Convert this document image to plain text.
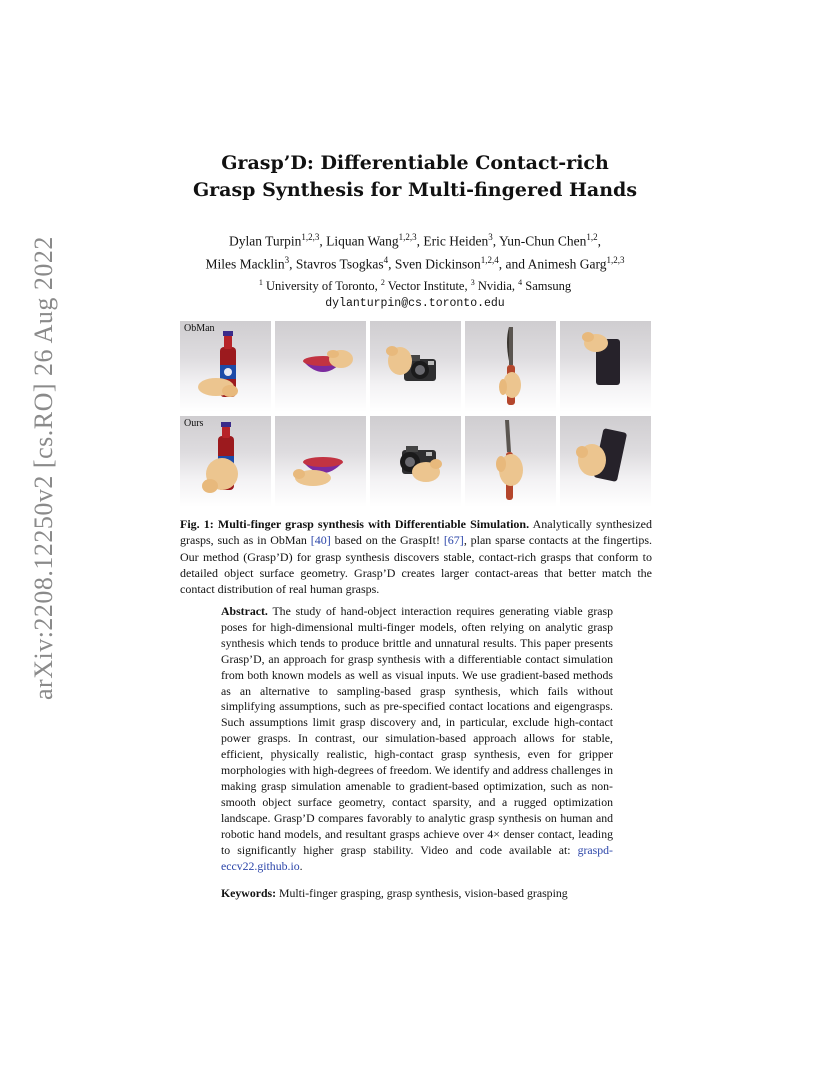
arXiv:2208.12250v2 [cs.RO] 26 Aug 2022
Grasp’D: Differentiable Contact-rich
Grasp Synthesis for Multi-fingered Hands
Dylan Turpin$^{1,2,3}$, Liquan Wang$^{1,2,3}$, Eric Heiden$^3$, Yun-Chun Chen$^{1,2}$,
Miles Macklin$^3$, Stavros Tsogkas$^4$, Sven Dickinson$^{1,2,4}$, and Animesh Garg$^{1,2,3}$
$^1$ University of Toronto, $^2$ Vector Institute, $^3$ Nvidia, $^4$ Samsung
dylanturpin@cs.toronto.edu
ObMan
Ours
Fig. 1: Multi-finger grasp synthesis with Differentiable Simulation. Analytically synthesized grasps, such as in ObMan [40] based on the GraspIt! [67], plan sparse contacts at the fingertips. Our method (Grasp’D) for grasp synthesis discovers stable, contact-rich grasps that conform to detailed object surface geometry. Grasp’D creates larger contact-areas that better match the contact distribution of real human grasps.
Abstract. The study of hand-object interaction requires generating viable grasp poses for high-dimensional multi-finger models, often relying on analytic grasp synthesis which tends to produce brittle and unnatural results. This paper presents Grasp’D, an approach for grasp synthesis with a differentiable contact simulation from both known models as well as visual inputs. We use gradient-based methods as an alternative to sampling-based grasp synthesis, which fails without simplifying assumptions, such as pre-specified contact locations and eigengrasps. Such assumptions limit grasp discovery and, in particular, exclude high-contact power grasps. In contrast, our simulation-based approach allows for stable, efficient, physically realistic, high-contact grasp synthesis, even for gripper morphologies with high-degrees of freedom. We identify and address challenges in making grasp simulation amenable to gradient-based optimization, such as non-smooth object surface geometry, contact sparsity, and a rugged optimization landscape. Grasp’D compares favorably to analytic grasp synthesis on human and robotic hand models, and resultant grasps achieve over 4× denser contact, leading to significantly higher grasp stability. Video and code available at: graspd-eccv22.github.io.
Keywords: Multi-finger grasping, grasp synthesis, vision-based grasping
